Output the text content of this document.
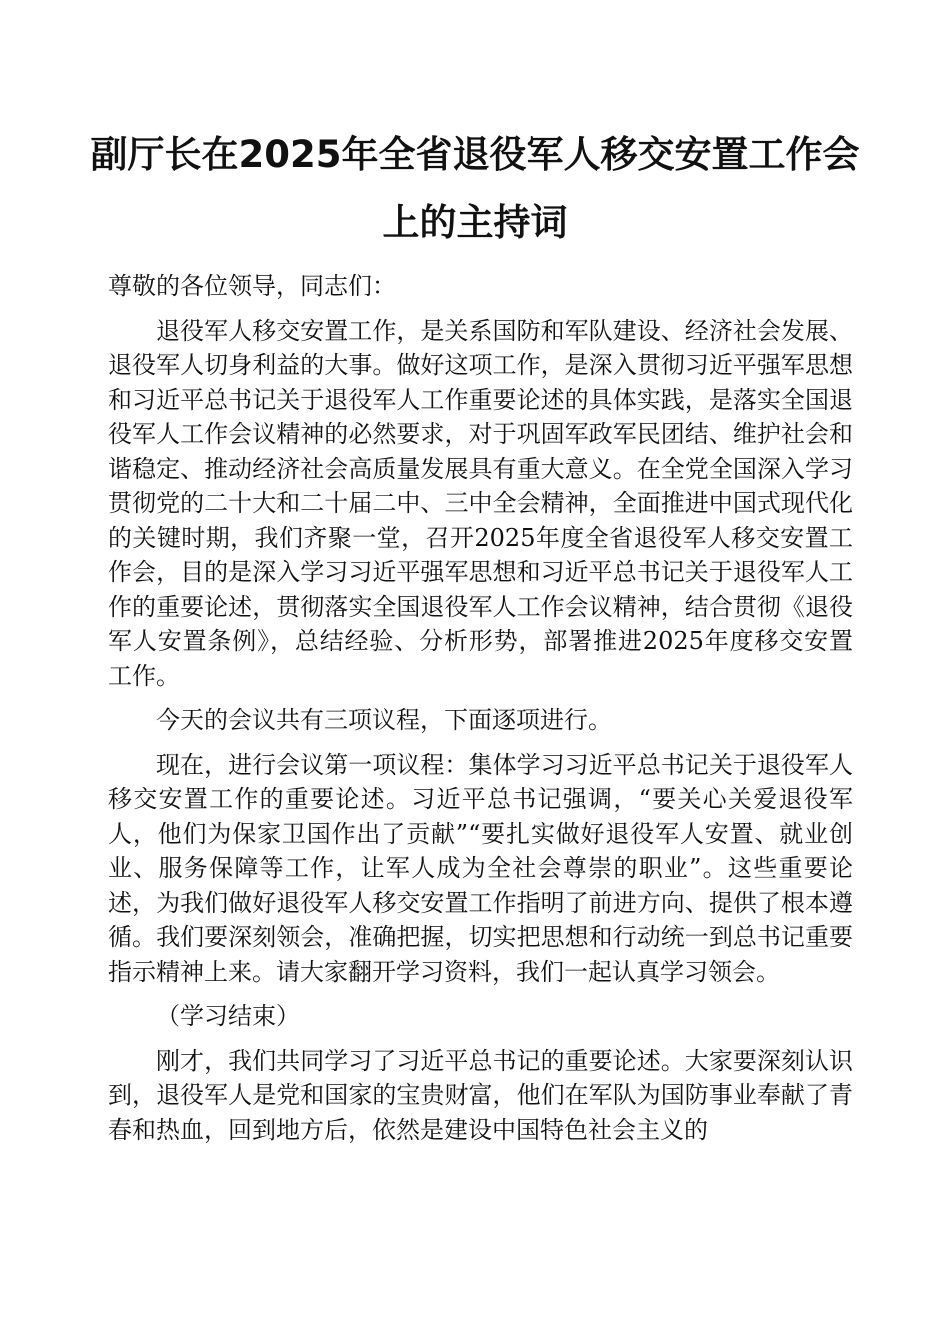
副厅长在2025年全省退役军人移交安置工作会
上的主持词

尊敬的各位领导，同志们：

退役军人移交安置工作，是关系国防和军队建设、经济社会发展、退役军人切身利益的大事。做好这项工作，是深入贯彻习近平强军思想和习近平总书记关于退役军人工作重要论述的具体实践，是落实全国退役军人工作会议精神的必然要求，对于巩固军政军民团结、维护社会和谐稳定、推动经济社会高质量发展具有重大意义。在全党全国深入学习贯彻党的二十大和二十届二中、三中全会精神，全面推进中国式现代化的关键时期，我们齐聚一堂，召开2025年度全省退役军人移交安置工作会，目的是深入学习习近平强军思想和习近平总书记关于退役军人工作的重要论述，贯彻落实全国退役军人工作会议精神，结合贯彻《退役军人安置条例》，总结经验、分析形势，部署推进2025年度移交安置工作。

今天的会议共有三项议程，下面逐项进行。

现在，进行会议第一项议程：集体学习习近平总书记关于退役军人移交安置工作的重要论述。习近平总书记强调，“要关心关爱退役军人，他们为保家卫国作出了贡献”“要扎实做好退役军人安置、就业创业、服务保障等工作，让军人成为全社会尊崇的职业”。这些重要论述，为我们做好退役军人移交安置工作指明了前进方向、提供了根本遵循。我们要深刻领会，准确把握，切实把思想和行动统一到总书记重要指示精神上来。请大家翻开学习资料，我们一起认真学习领会。

（学习结束）

刚才，我们共同学习了习近平总书记的重要论述。大家要深刻认识到，退役军人是党和国家的宝贵财富，他们在军队为国防事业奉献了青春和热血，回到地方后，依然是建设中国特色社会主义的
